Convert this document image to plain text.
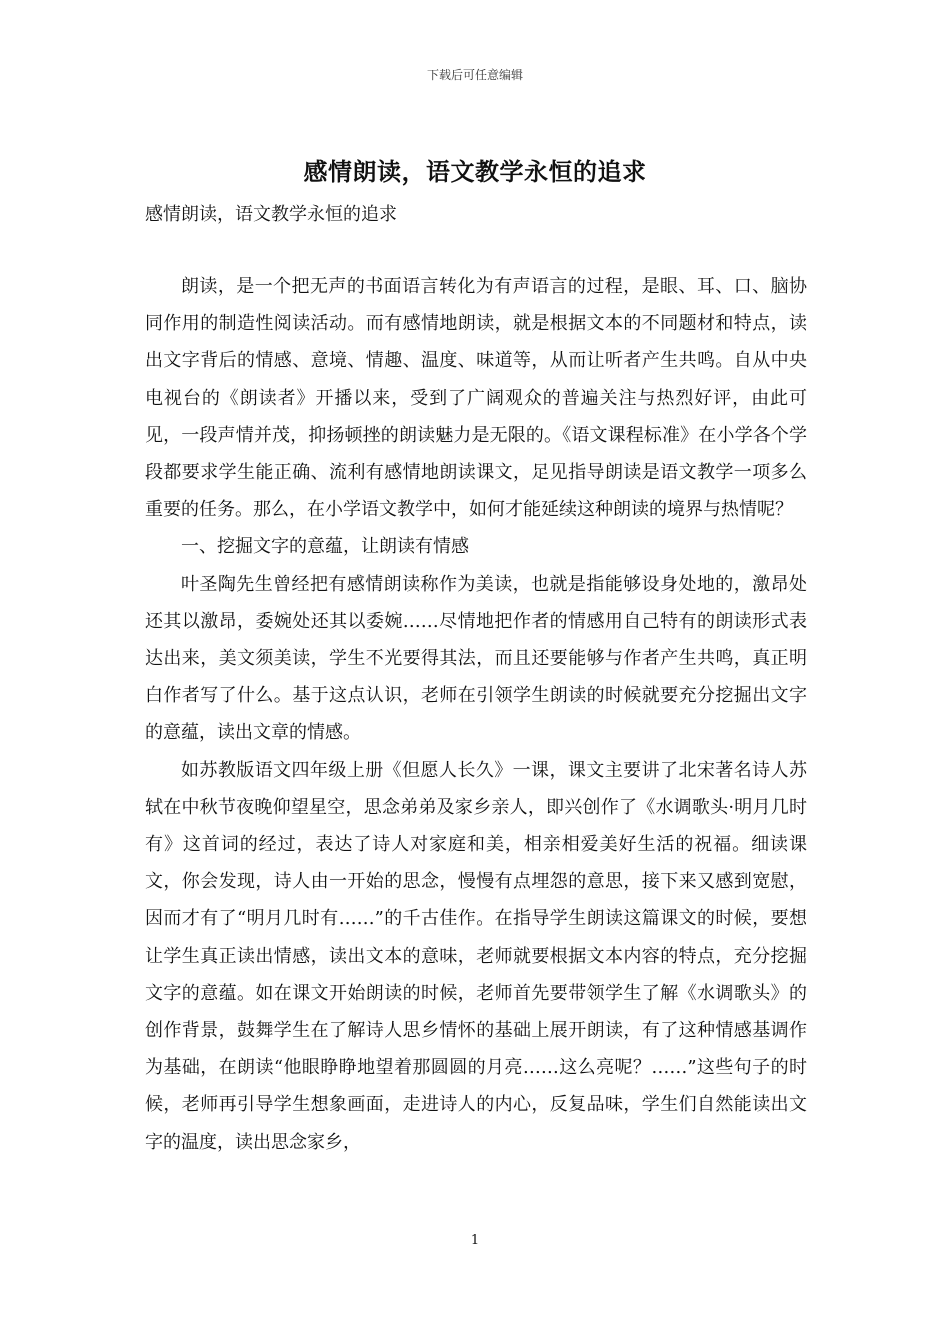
下载后可任意编辑
感情朗读，语文教学永恒的追求
感情朗读，语文教学永恒的追求

朗读，是一个把无声的书面语言转化为有声语言的过程，是眼、耳、口、脑协同作用的制造性阅读活动。而有感情地朗读，就是根据文本的不同题材和特点，读出文字背后的情感、意境、情趣、温度、味道等，从而让听者产生共鸣。自从中央电视台的《朗读者》开播以来，受到了广阔观众的普遍关注与热烈好评，由此可见，一段声情并茂，抑扬顿挫的朗读魅力是无限的。《语文课程标准》在小学各个学段都要求学生能正确、流利有感情地朗读课文，足见指导朗读是语文教学一项多么重要的任务。那么，在小学语文教学中，如何才能延续这种朗读的境界与热情呢？

一、挖掘文字的意蕴，让朗读有情感

叶圣陶先生曾经把有感情朗读称作为美读，也就是指能够设身处地的，激昂处还其以激昂，委婉处还其以委婉……尽情地把作者的情感用自己特有的朗读形式表达出来，美文须美读，学生不光要得其法，而且还要能够与作者产生共鸣，真正明白作者写了什么。基于这点认识，老师在引领学生朗读的时候就要充分挖掘出文字的意蕴，读出文章的情感。

如苏教版语文四年级上册《但愿人长久》一课，课文主要讲了北宋著名诗人苏轼在中秋节夜晚仰望星空，思念弟弟及家乡亲人，即兴创作了《水调歌头·明月几时有》这首词的经过，表达了诗人对家庭和美，相亲相爱美好生活的祝福。细读课文，你会发现，诗人由一开始的思念，慢慢有点埋怨的意思，接下来又感到宽慰，因而才有了“明月几时有……”的千古佳作。在指导学生朗读这篇课文的时候，要想让学生真正读出情感，读出文本的意味，老师就要根据文本内容的特点，充分挖掘文字的意蕴。如在课文开始朗读的时候，老师首先要带领学生了解《水调歌头》的创作背景，鼓舞学生在了解诗人思乡情怀的基础上展开朗读，有了这种情感基调作为基础，在朗读“他眼睁睁地望着那圆圆的月亮……这么亮呢？……”这些句子的时候，老师再引导学生想象画面，走进诗人的内心，反复品味，学生们自然能读出文字的温度，读出思念家乡，

1
